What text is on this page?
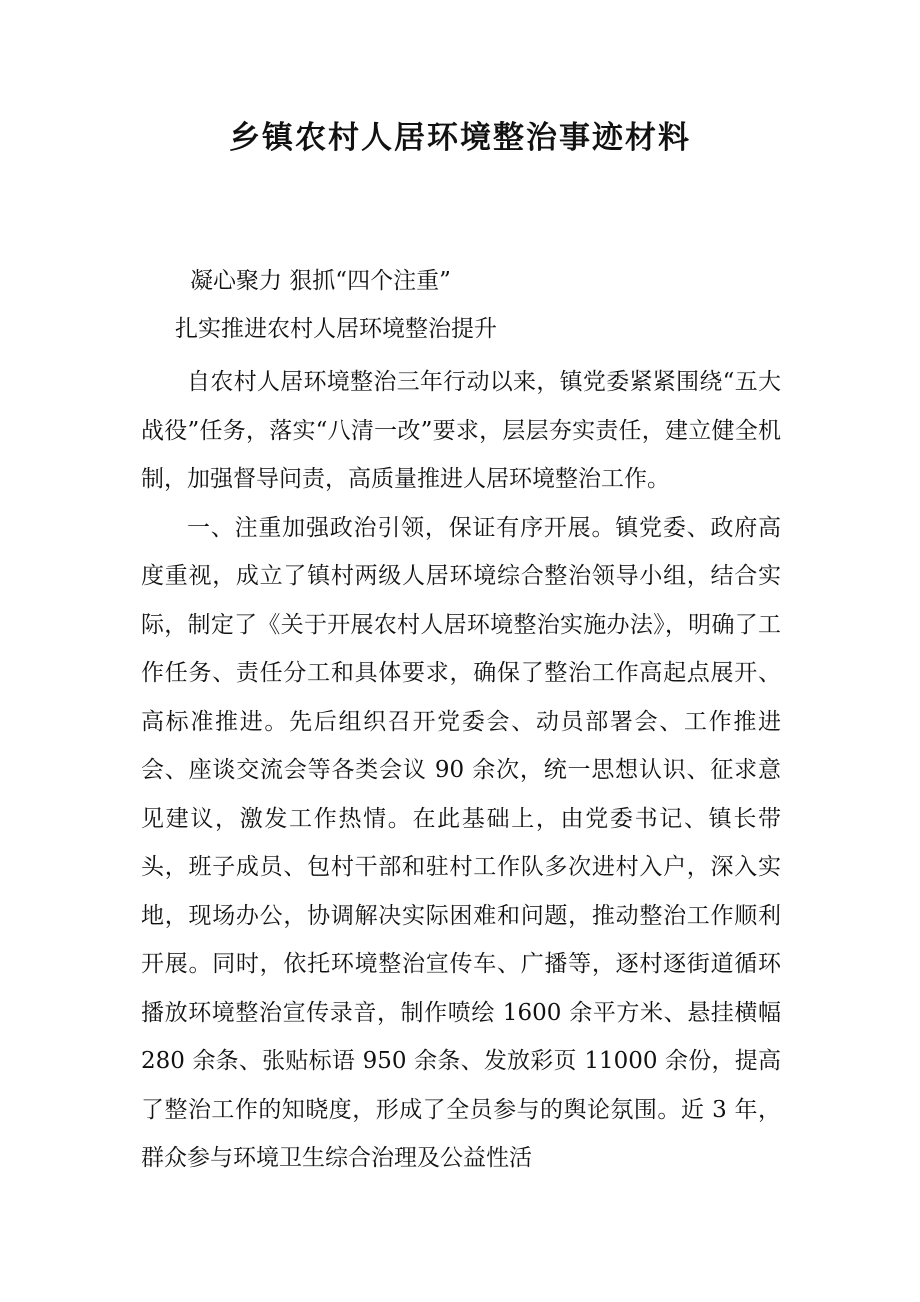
乡镇农村人居环境整治事迹材料
凝心聚力 狠抓“四个注重”
扎实推进农村人居环境整治提升

自农村人居环境整治三年行动以来，镇党委紧紧围绕“五大战役”任务，落实“八清一改”要求，层层夯实责任，建立健全机制，加强督导问责，高质量推进人居环境整治工作。

一、注重加强政治引领，保证有序开展。镇党委、政府高度重视，成立了镇村两级人居环境综合整治领导小组，结合实际，制定了《关于开展农村人居环境整治实施办法》，明确了工作任务、责任分工和具体要求，确保了整治工作高起点展开、高标准推进。先后组织召开党委会、动员部署会、工作推进会、座谈交流会等各类会议 90 余次，统一思想认识、征求意见建议，激发工作热情。在此基础上，由党委书记、镇长带头，班子成员、包村干部和驻村工作队多次进村入户，深入实地，现场办公，协调解决实际困难和问题，推动整治工作顺利开展。同时，依托环境整治宣传车、广播等，逐村逐街道循环播放环境整治宣传录音，制作喷绘 1600 余平方米、悬挂横幅 280 余条、张贴标语 950 余条、发放彩页 11000 余份，提高了整治工作的知晓度，形成了全员参与的舆论氛围。近 3 年，群众参与环境卫生综合治理及公益性活
